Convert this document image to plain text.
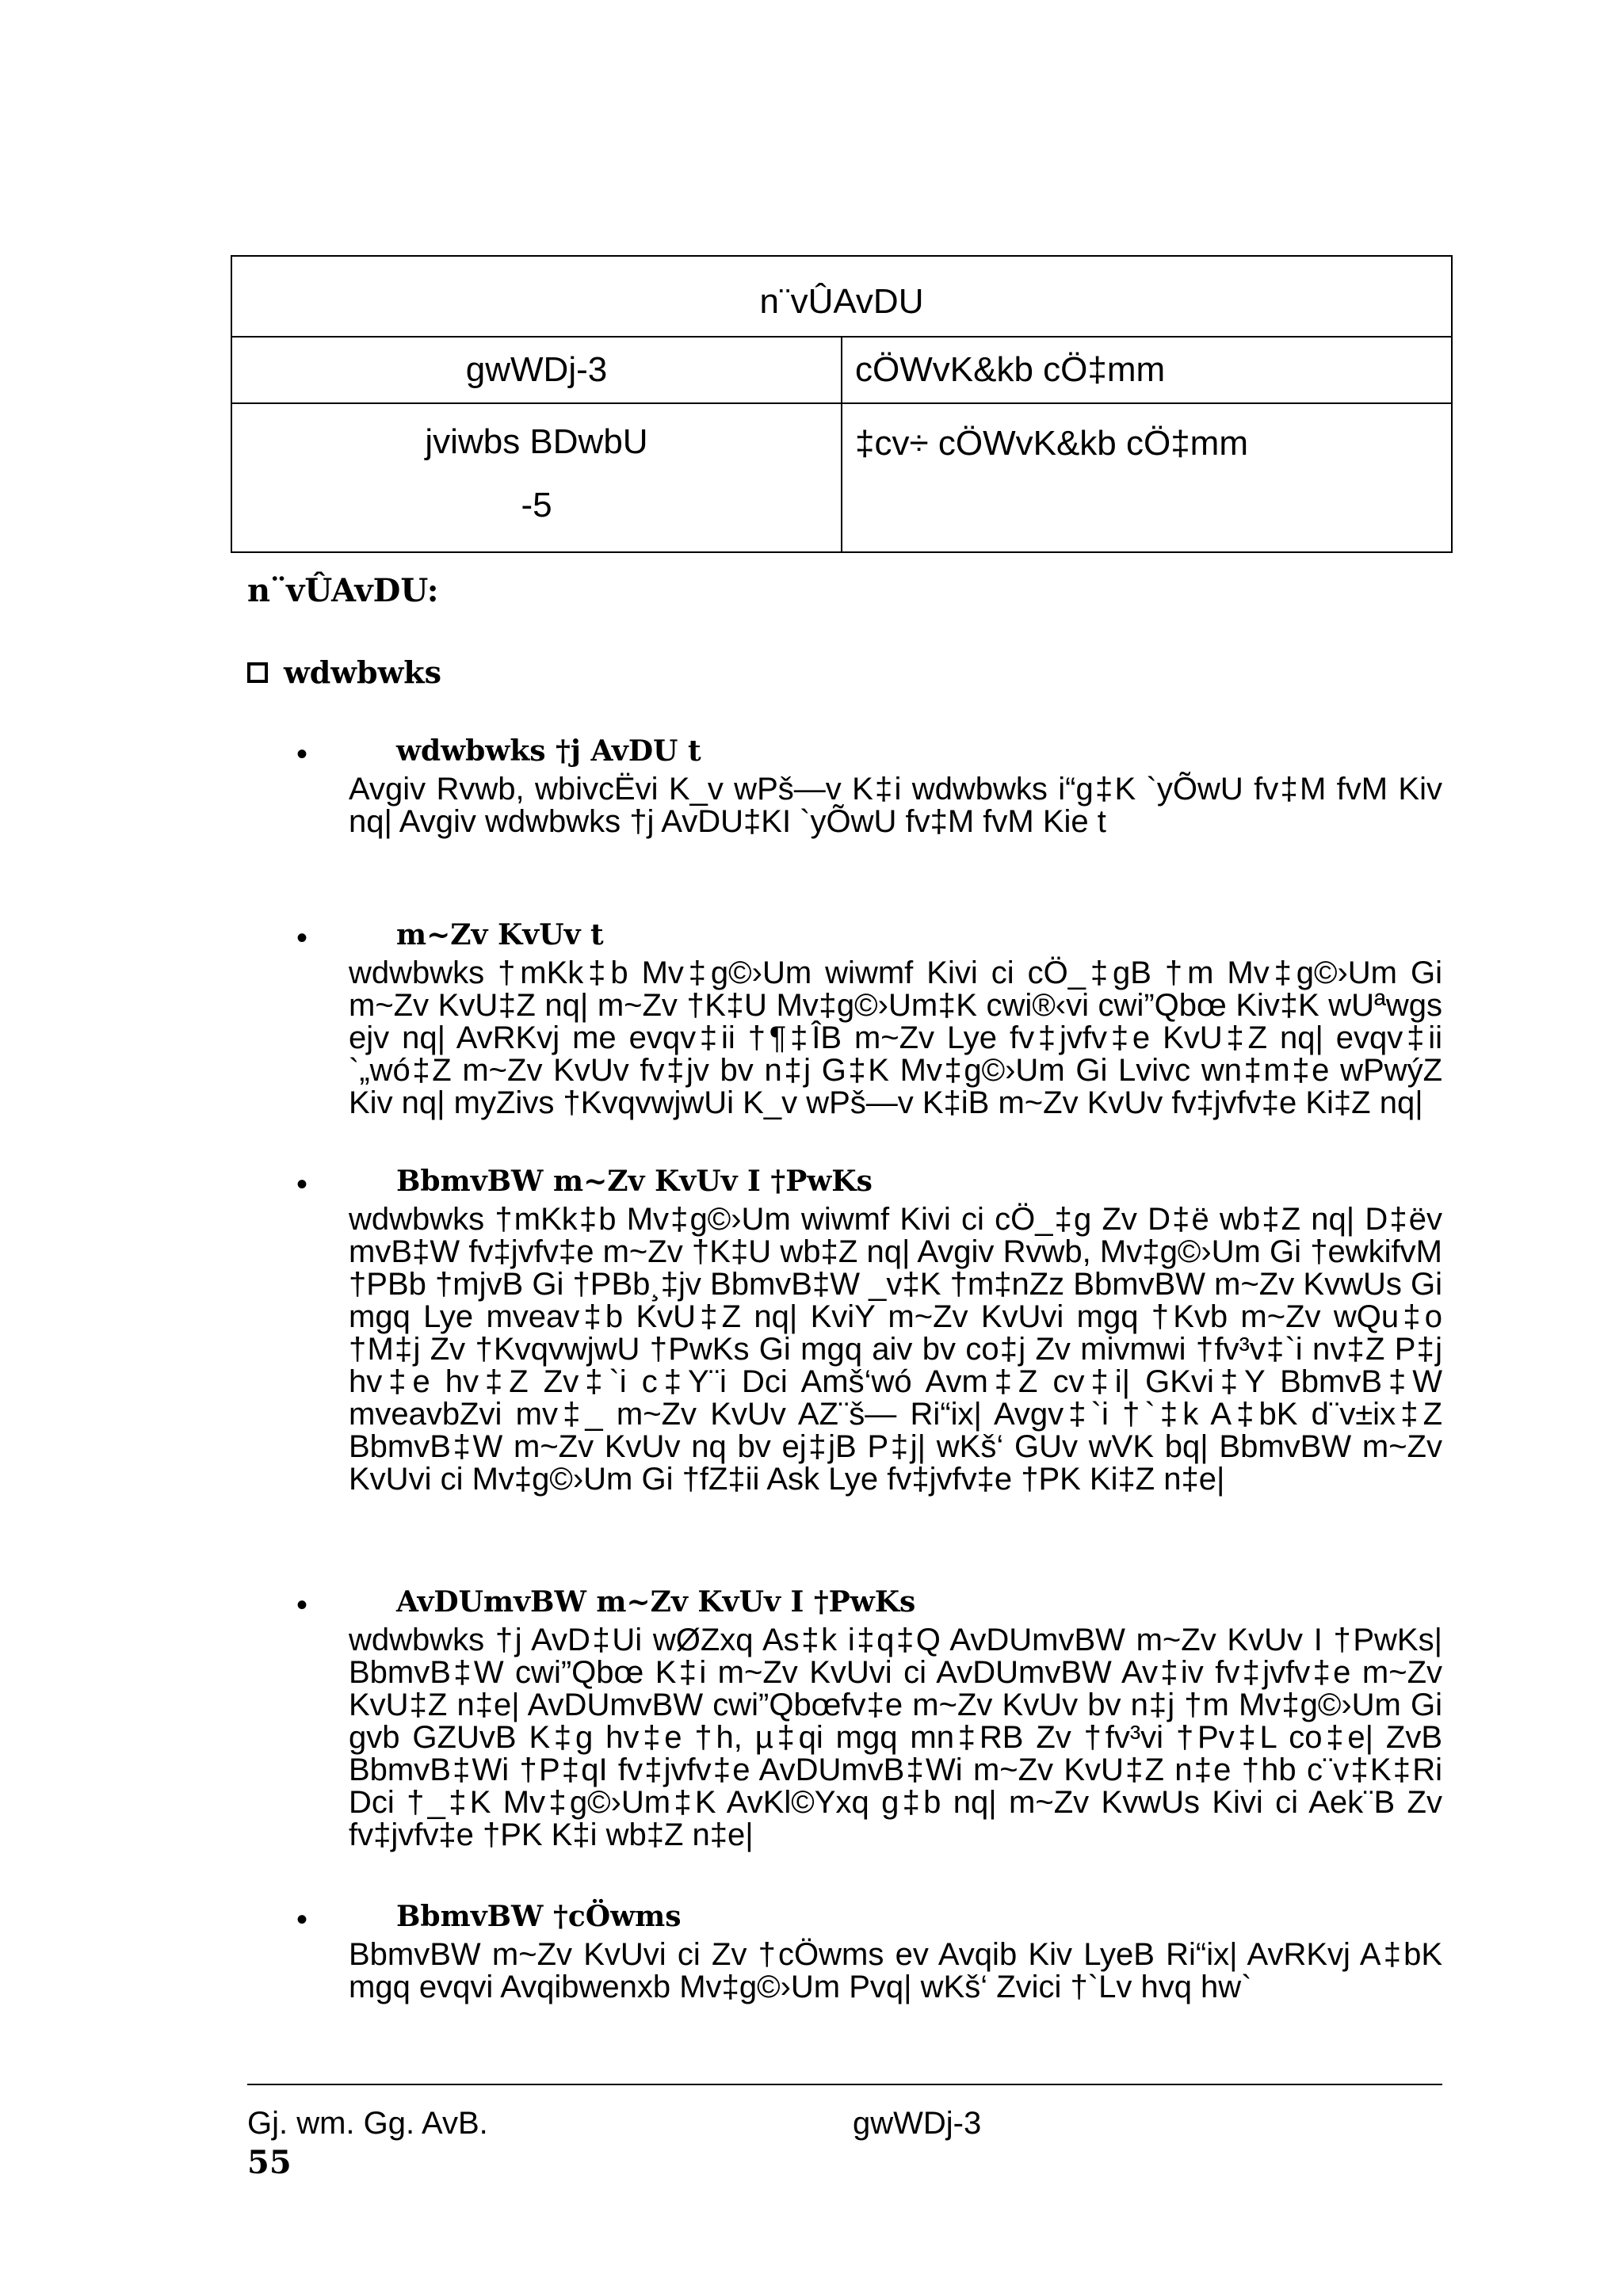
n¨vÛAvDU	
gwWDj-3	cÖWvK&kb cÖ‡mm

jviwbs BDwbU
-5	‡cv÷ cÖWvK&kb cÖ‡mm
n¨vÛAvDU:
wdwbwks
•	wdwbwks †j AvDU t
Avgiv Rvwb, wbivcËvi K_v wPš—v K‡i wdwbwks i“g‡K `yÕwU fv‡M fvM Kiv nq| Avgiv wdwbwks †j AvDU‡KI `yÕwU fv‡M fvM Kie t
•	m~Zv KvUv t
wdwbwks †mKk‡b Mv‡g©›Um wiwmf Kivi ci cÖ_‡gB †m Mv‡g©›Um Gi m~Zv KvU‡Z nq| m~Zv †K‡U Mv‡g©›Um‡K cwi®‹vi cwi”Qbœ Kiv‡K wUªwgs ejv nq| AvRKvj me evqv‡ii †¶‡ÎB m~Zv Lye fv‡jvfv‡e KvU‡Z nq| evqv‡ii `„wó‡Z m~Zv KvUv fv‡jv bv n‡j G‡K Mv‡g©›Um Gi Lvivc wn‡m‡e wPwýZ Kiv nq| myZivs †KvqvwjwUi K_v wPš—v K‡iB m~Zv KvUv fv‡jvfv‡e Ki‡Z nq|
•	BbmvBW m~Zv KvUv I †PwKs
wdwbwks †mKk‡b Mv‡g©›Um wiwmf Kivi ci cÖ_‡g Zv D‡ë wb‡Z nq| D‡ëv mvB‡W fv‡jvfv‡e m~Zv †K‡U wb‡Z nq| Avgiv Rvwb, Mv‡g©›Um Gi †ewkifvM †PBb †mjvB Gi †PBb¸‡jv BbmvB‡W _v‡K †m‡nZz BbmvBW m~Zv KvwUs Gi mgq Lye mveav‡b KvU‡Z nq| KviY m~Zv KvUvi mgq †Kvb m~Zv wQu‡o †M‡j Zv †KvqvwjwU †PwKs Gi mgq aiv bv co‡j Zv mivmwi †fv³v‡`i nv‡Z P‡j hv‡e hv‡Z Zv‡`i c‡Y¨i Dci Amš‘wó Avm‡Z cv‡i| GKvi‡Y BbmvB‡W mveavbZvi mv‡_ m~Zv KvUv AZ¨š— Ri“ix| Avgv‡`i †`‡k A‡bK d¨v±ix‡Z BbmvB‡W m~Zv KvUv nq bv ej‡jB P‡j| wKš‘ GUv wVK bq| BbmvBW m~Zv KvUvi ci Mv‡g©›Um Gi †fZ‡ii Ask Lye fv‡jvfv‡e †PK Ki‡Z n‡e|
•	AvDUmvBW m~Zv KvUv I †PwKs
wdwbwks †j AvD‡Ui wØZxq As‡k i‡q‡Q AvDUmvBW m~Zv KvUv I †PwKs| BbmvB‡W cwi”Qbœ K‡i m~Zv KvUvi ci AvDUmvBW Av‡iv fv‡jvfv‡e m~Zv KvU‡Z n‡e| AvDUmvBW cwi”Qbœfv‡e m~Zv KvUv bv n‡j †m Mv‡g©›Um Gi gvb GZUvB K‡g hv‡e †h, µ‡qi mgq mn‡RB Zv †fv³vi †Pv‡L co‡e| ZvB BbmvB‡Wi †P‡qI fv‡jvfv‡e AvDUmvB‡Wi m~Zv KvU‡Z n‡e †hb c¨v‡K‡Ri Dci †_‡K Mv‡g©›Um‡K AvKl©Yxq g‡b nq| m~Zv KvwUs Kivi ci Aek¨B Zv fv‡jvfv‡e †PK K‡i wb‡Z n‡e|
•	BbmvBW †cÖwms
BbmvBW m~Zv KvUvi ci Zv †cÖwms ev Avqib Kiv LyeB Ri“ix| AvRKvj A‡bK mgq evqvi Avqibwenxb Mv‡g©›Um Pvq| wKš‘ Zvici †`Lv hvq hw`
Gj. wm. Gg. AvB.	gwWDj-3
55
